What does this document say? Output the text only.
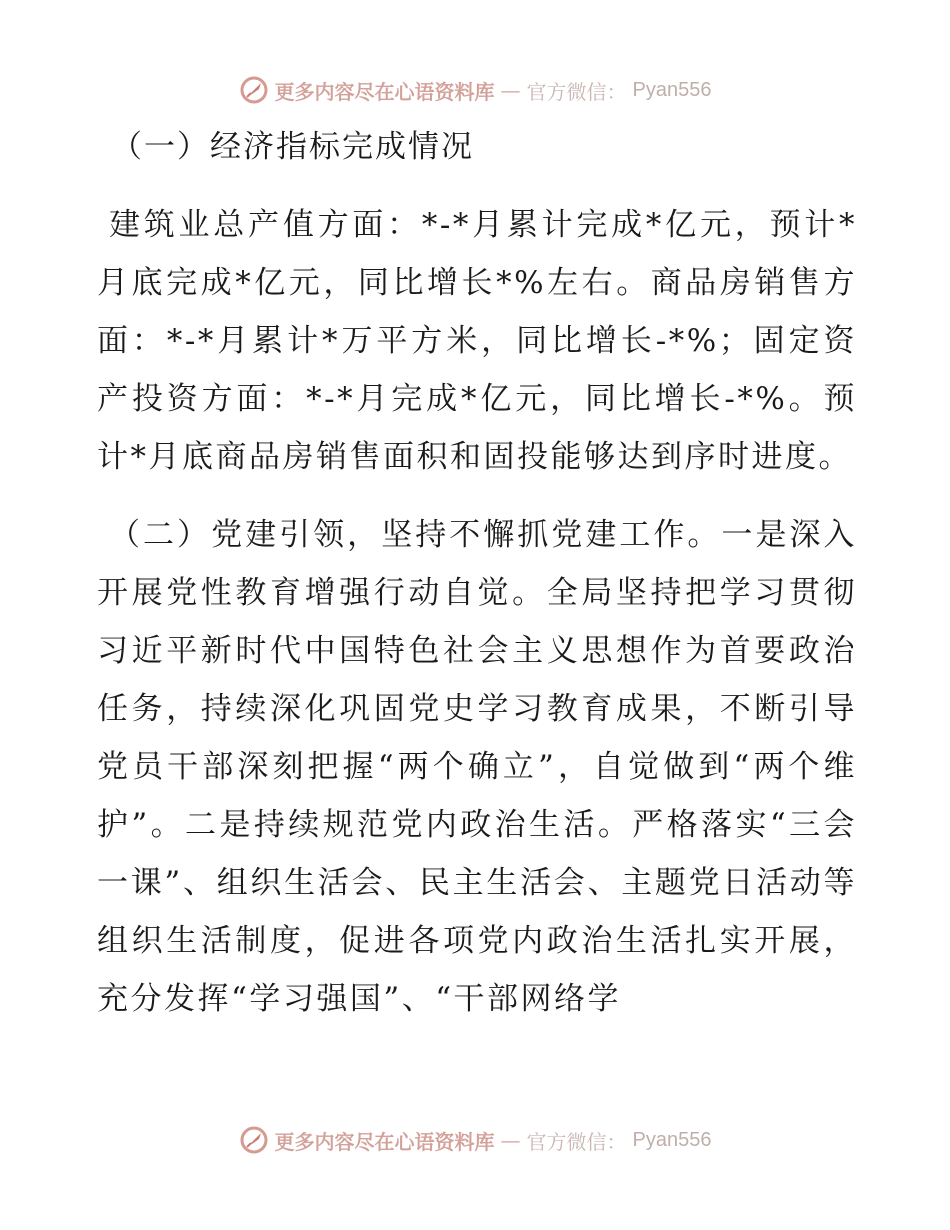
更多内容尽在心语资料库 — 官方微信： Pyan556
（一）经济指标完成情况

建筑业总产值方面：*-*月累计完成*亿元，预计*月底完成*亿元，同比增长*%左右。商品房销售方面：*-*月累计*万平方米，同比增长-*%；固定资产投资方面：*-*月完成*亿元，同比增长-*%。预计*月底商品房销售面积和固投能够达到序时进度。

（二）党建引领，坚持不懈抓党建工作。一是深入开展党性教育增强行动自觉。全局坚持把学习贯彻习近平新时代中国特色社会主义思想作为首要政治任务，持续深化巩固党史学习教育成果，不断引导党员干部深刻把握“两个确立”，自觉做到“两个维护”。二是持续规范党内政治生活。严格落实“三会一课”、组织生活会、民主生活会、主题党日活动等组织生活制度，促进各项党内政治生活扎实开展，充分发挥“学习强国”、“干部网络学

更多内容尽在心语资料库 — 官方微信： Pyan556
